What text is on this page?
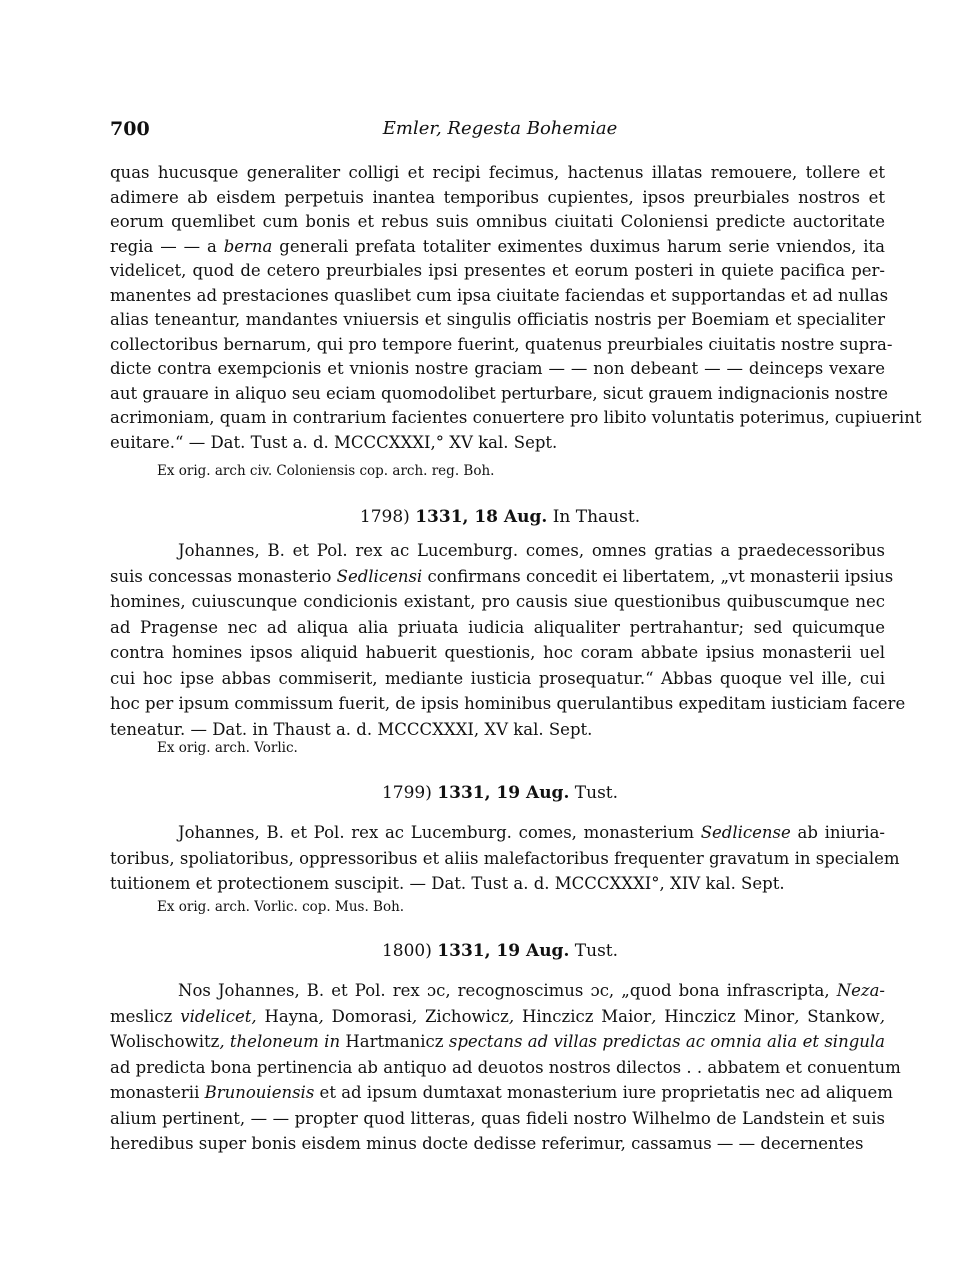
700	Emler, Regesta Bohemiae
quas hucusque generaliter colligi et recipi fecimus, hactenus illatas remouere, tollere et
adimere ab eisdem perpetuis inantea temporibus cupientes, ipsos preurbiales nostros et
eorum quemlibet cum bonis et rebus suis omnibus ciuitati Coloniensi predicte auctoritate
regia — — a berna generali prefata totaliter eximentes duximus harum serie vniendos, ita
videlicet, quod de cetero preurbiales ipsi presentes et eorum posteri in quiete pacifica per-
manentes ad prestaciones quaslibet cum ipsa ciuitate faciendas et supportandas et ad nullas
alias teneantur, mandantes vniuersis et singulis officiatis nostris per Boemiam et specialiter
collectoribus bernarum, qui pro tempore fuerint, quatenus preurbiales ciuitatis nostre supra-
dicte contra exempcionis et vnionis nostre graciam — — non debeant — — deinceps vexare
aut grauare in aliquo seu eciam quomodolibet perturbare, sicut grauem indignacionis nostre
acrimoniam, quam in contrarium facientes conuertere pro libito voluntatis poterimus, cupiuerint
euitare.“ — Dat. Tust a. d. MCCCXXXI,° XV kal. Sept.
Ex orig. arch civ. Coloniensis cop. arch. reg. Boh.
1798) 1331, 18 Aug. In Thaust.
Johannes, B. et Pol. rex ac Lucemburg. comes, omnes gratias a praedecessoribus
suis concessas monasterio Sedlicensi confirmans concedit ei libertatem, „vt monasterii ipsius
homines, cuiuscunque condicionis existant, pro causis siue questionibus quibuscumque nec
ad Pragense nec ad aliqua alia priuata iudicia aliqualiter pertrahantur; sed quicumque
contra homines ipsos aliquid habuerit questionis, hoc coram abbate ipsius monasterii uel
cui hoc ipse abbas commiserit, mediante iusticia prosequatur.“ Abbas quoque vel ille, cui
hoc per ipsum commissum fuerit, de ipsis hominibus querulantibus expeditam iusticiam facere
teneatur. — Dat. in Thaust a. d. MCCCXXXI, XV kal. Sept.
Ex orig. arch. Vorlic.
1799) 1331, 19 Aug. Tust.
Johannes, B. et Pol. rex ac Lucemburg. comes, monasterium Sedlicense ab iniuria-
toribus, spoliatoribus, oppressoribus et aliis malefactoribus frequenter gravatum in specialem
tuitionem et protectionem suscipit. — Dat. Tust a. d. MCCCXXXI°, XIV kal. Sept.
Ex orig. arch. Vorlic. cop. Mus. Boh.
1800) 1331, 19 Aug. Tust.
Nos Johannes, B. et Pol. rex ɔc, recognoscimus ɔc, „quod bona infrascripta, Neza-
meslicz videlicet, Hayna, Domorasi, Zichowicz, Hinczicz Maior, Hinczicz Minor, Stankow,
Wolischowitz, theloneum in Hartmanicz spectans ad villas predictas ac omnia alia et singula
ad predicta bona pertinencia ab antiquo ad deuotos nostros dilectos . . abbatem et conuentum
monasterii Brunouiensis et ad ipsum dumtaxat monasterium iure proprietatis nec ad aliquem
alium pertinent, — — propter quod litteras, quas fideli nostro Wilhelmo de Landstein et suis
heredibus super bonis eisdem minus docte dedisse referimur, cassamus — — decernentes
